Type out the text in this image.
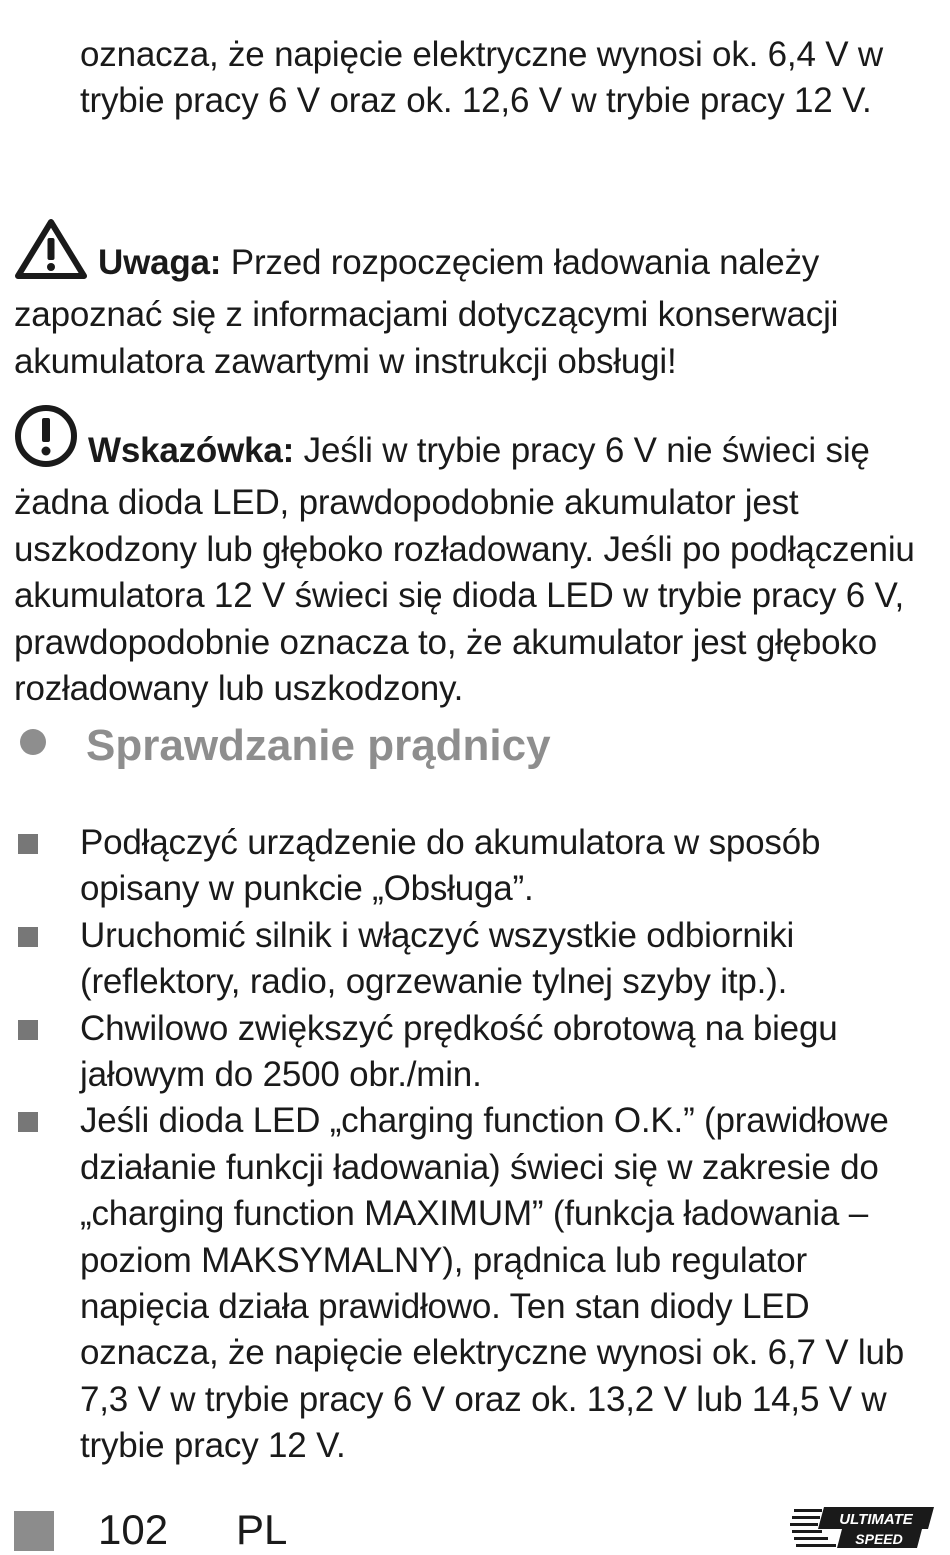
oznacza, że napięcie elektryczne wynosi ok. 6,4 V w trybie pracy 6 V oraz ok. 12,6 V w trybie pracy 12 V.

Uwaga: Przed rozpoczęciem ładowania należy zapoznać się z informacjami dotyczącymi konserwacji akumulatora zawartymi w instrukcji obsługi!

Wskazówka: Jeśli w trybie pracy 6 V nie świeci się żadna dioda LED, prawdopodobnie akumulator jest uszkodzony lub głęboko rozładowany. Jeśli po podłączeniu akumulatora 12 V świeci się dioda LED w trybie pracy 6 V, prawdopodobnie oznacza to, że akumulator jest głęboko rozładowany lub uszkodzony.

Sprawdzanie prądnicy
Podłączyć urządzenie do akumulatora w sposób opisany w punkcie „Obsługa”.
Uruchomić silnik i włączyć wszystkie odbiorniki (reflektory, radio, ogrzewanie tylnej szyby itp.).
Chwilowo zwiększyć prędkość obrotową na biegu jałowym do 2500 obr./min.
Jeśli dioda LED „charging function O.K.” (prawidłowe działanie funkcji ładowania) świeci się w zakresie do „charging function MAXIMUM” (funkcja ładowania – poziom MAKSYMALNY), prądnica lub regulator napięcia działa prawidłowo. Ten stan diody LED oznacza, że napięcie elektryczne wynosi ok. 6,7 V lub 7,3 V w trybie pracy 6 V oraz ok. 13,2 V lub 14,5 V w trybie pracy 12 V.
102 PL	ULTIMATE
SPEED
